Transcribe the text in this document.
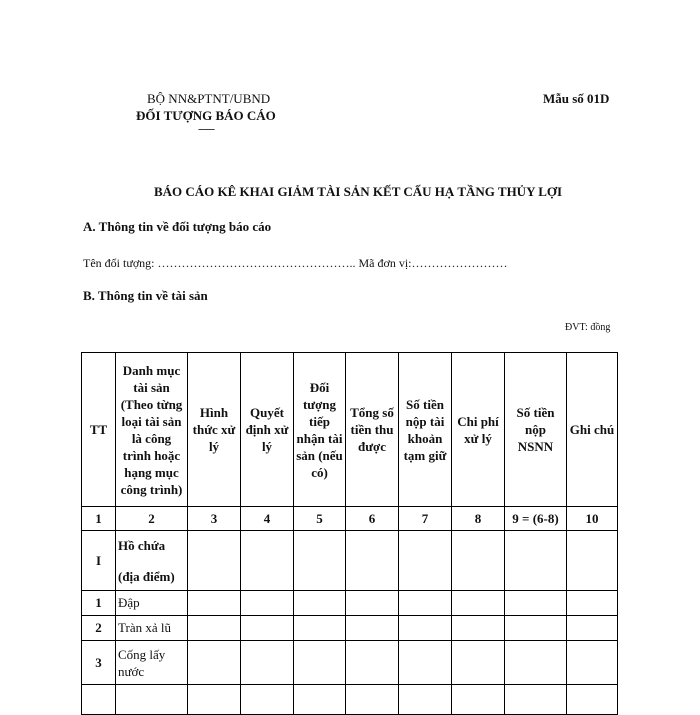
BỘ NN&PTNT/UBND
ĐỐI TƯỢNG BÁO CÁO
------
Mẫu số 01D
BÁO CÁO KÊ KHAI GIẢM TÀI SẢN KẾT CẤU HẠ TẦNG THỦY LỢI
A. Thông tin về đối tượng báo cáo
Tên đối tượng: ………………………………………….. Mã đơn vị:……………………
B. Thông tin về tài sản
ĐVT: đồng
TT	Danh mục tài sản (Theo từng loại tài sản là công trình hoặc hạng mục công trình)	Hình thức xử lý	Quyết định xử lý	Đối tượng tiếp nhận tài sản (nếu có)	Tổng số tiền thu được	Số tiền nộp tài khoản tạm giữ	Chi phí xử lý	Số tiền nộp NSNN	Ghi chú
1	2	3	4	5	6	7	8	9 = (6-8)	10
I	Hồ chứa
(địa điểm)								

1	Đập								
2	Tràn xả lũ								
3	Cống lấy nước								
